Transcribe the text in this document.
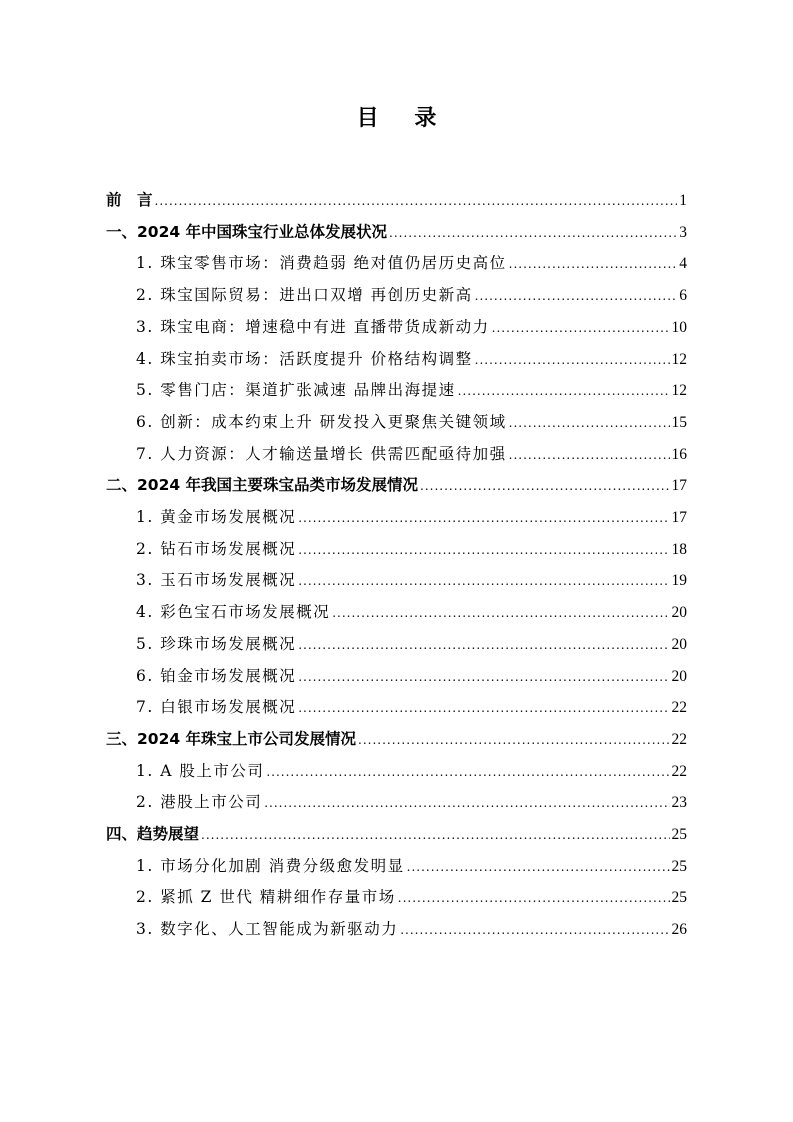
目 录
前　言 .....	1
一、2024 年中国珠宝行业总体发展状况 .....	3
1. 珠宝零售市场：消费趋弱 绝对值仍居历史高位 .....	4
2. 珠宝国际贸易：进出口双增 再创历史新高 .....	6
3. 珠宝电商：增速稳中有进 直播带货成新动力 .....	10
4. 珠宝拍卖市场：活跃度提升 价格结构调整 .....	12
5. 零售门店：渠道扩张减速 品牌出海提速 .....	12
6. 创新：成本约束上升 研发投入更聚焦关键领域 .....	15
7. 人力资源：人才输送量增长 供需匹配亟待加强 .....	16
二、2024 年我国主要珠宝品类市场发展情况 .....	17
1. 黄金市场发展概况 .....	17
2. 钻石市场发展概况 .....	18
3. 玉石市场发展概况 .....	19
4. 彩色宝石市场发展概况 .....	20
5. 珍珠市场发展概况 .....	20
6. 铂金市场发展概况 .....	20
7. 白银市场发展概况 .....	22
三、2024 年珠宝上市公司发展情况 .....	22
1. A 股上市公司 .....	22
2. 港股上市公司 .....	23
四、趋势展望 .....	25
1. 市场分化加剧 消费分级愈发明显 .....	25
2. 紧抓 Z 世代 精耕细作存量市场 .....	25
3. 数字化、人工智能成为新驱动力 .....	26
